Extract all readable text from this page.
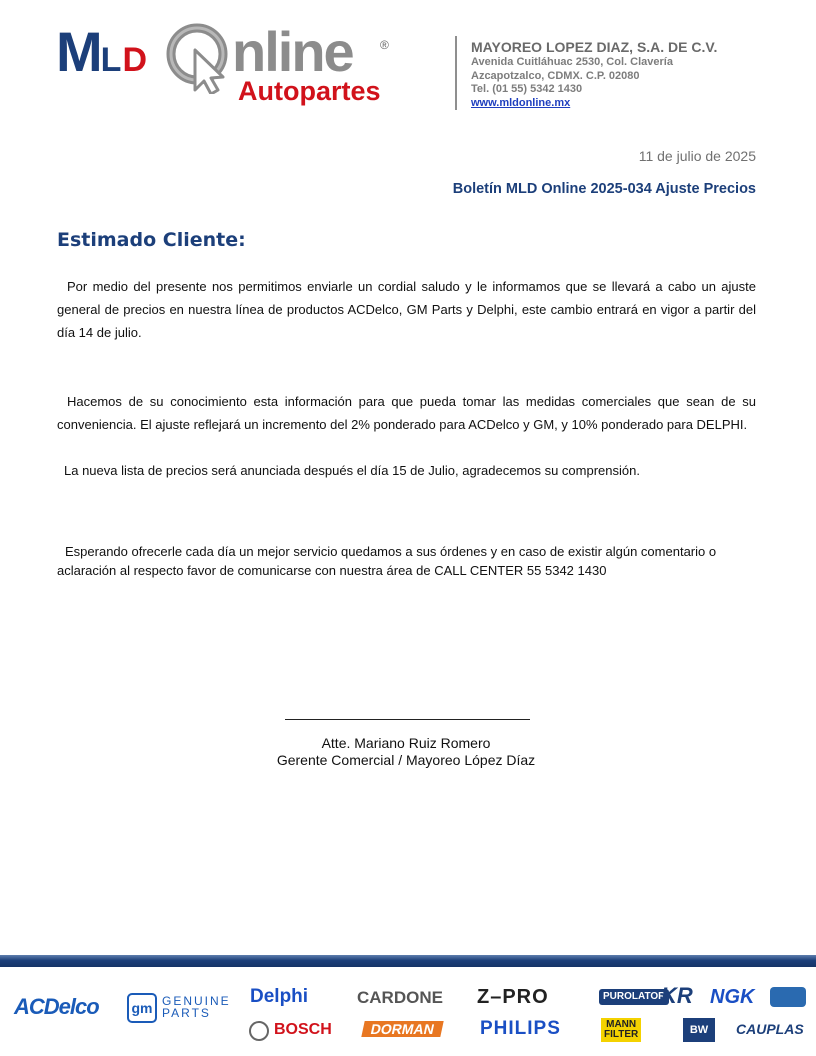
MLD nline ®
Autopartes
MAYOREO LOPEZ DIAZ, S.A. DE C.V.
Avenida Cuitláhuac 2530, Col. Clavería
Azcapotzalco, CDMX. C.P. 02080
Tel. (01 55) 5342 1430
www.mldonline.mx
11 de julio de 2025
Boletín MLD Online 2025-034 Ajuste Precios
Estimado Cliente:
Por medio del presente nos permitimos enviarle un cordial saludo y le informamos que se llevará a cabo un ajuste general de precios en nuestra línea de productos ACDelco, GM Parts y Delphi, este cambio entrará en vigor a partir del día 14 de julio.
Hacemos de su conocimiento esta información para que pueda tomar las medidas comerciales que sean de su conveniencia. El ajuste reflejará un incremento del 2% ponderado para ACDelco y GM, y 10% ponderado para DELPHI.
La nueva lista de precios será anunciada después el día 15 de Julio, agradecemos su comprensión.
Esperando ofrecerle cada día un mejor servicio quedamos a sus órdenes y en caso de existir algún comentario o aclaración al respecto favor de comunicarse con nuestra área de CALL CENTER 55 5342 1430
Atte. Mariano Ruiz Romero
Gerente Comercial / Mayoreo López Díaz
ACDelco	gm GENUINE
PARTS
Delphi
BOSCH
CARDONE
DORMAN
Z–PRO
PHILIPS
PUROLATOR
MANN
FILTER
KR
BW
NGK
CAUPLAS
